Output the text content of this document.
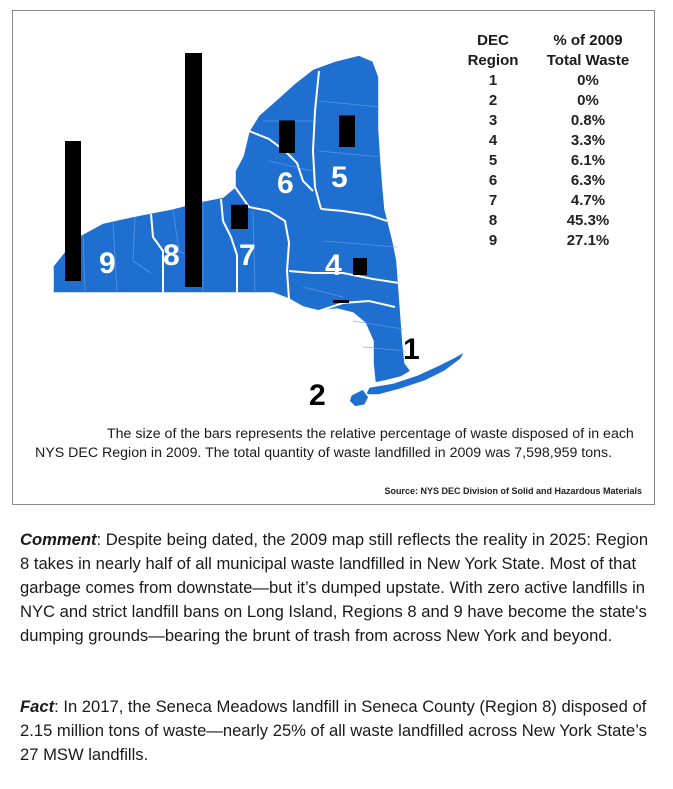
9 8 7
6 5
4
3
1
2
DEC	% of 2009
Region	Total Waste
1	0%
2	0%
3	0.8%
4	3.3%
5	6.1%
6	6.3%
7	4.7%
8	45.3%
9	27.1%
The size of the bars represents the relative percentage of waste disposed of in each NYS DEC Region in 2009. The total quantity of waste landfilled in 2009 was 7,598,959 tons.
Source: NYS DEC Division of Solid and Hazardous Materials
Comment: Despite being dated, the 2009 map still reflects the reality in 2025: Region 8 takes in nearly half of all municipal waste landfilled in New York State. Most of that garbage comes from downstate—but it’s dumped upstate. With zero active landfills in NYC and strict landfill bans on Long Island, Regions 8 and 9 have become the state's dumping grounds—bearing the brunt of trash from across New York and beyond.
Fact: In 2017, the Seneca Meadows landfill in Seneca County (Region 8) disposed of 2.15 million tons of waste—nearly 25% of all waste landfilled across New York State’s 27 MSW landfills.
